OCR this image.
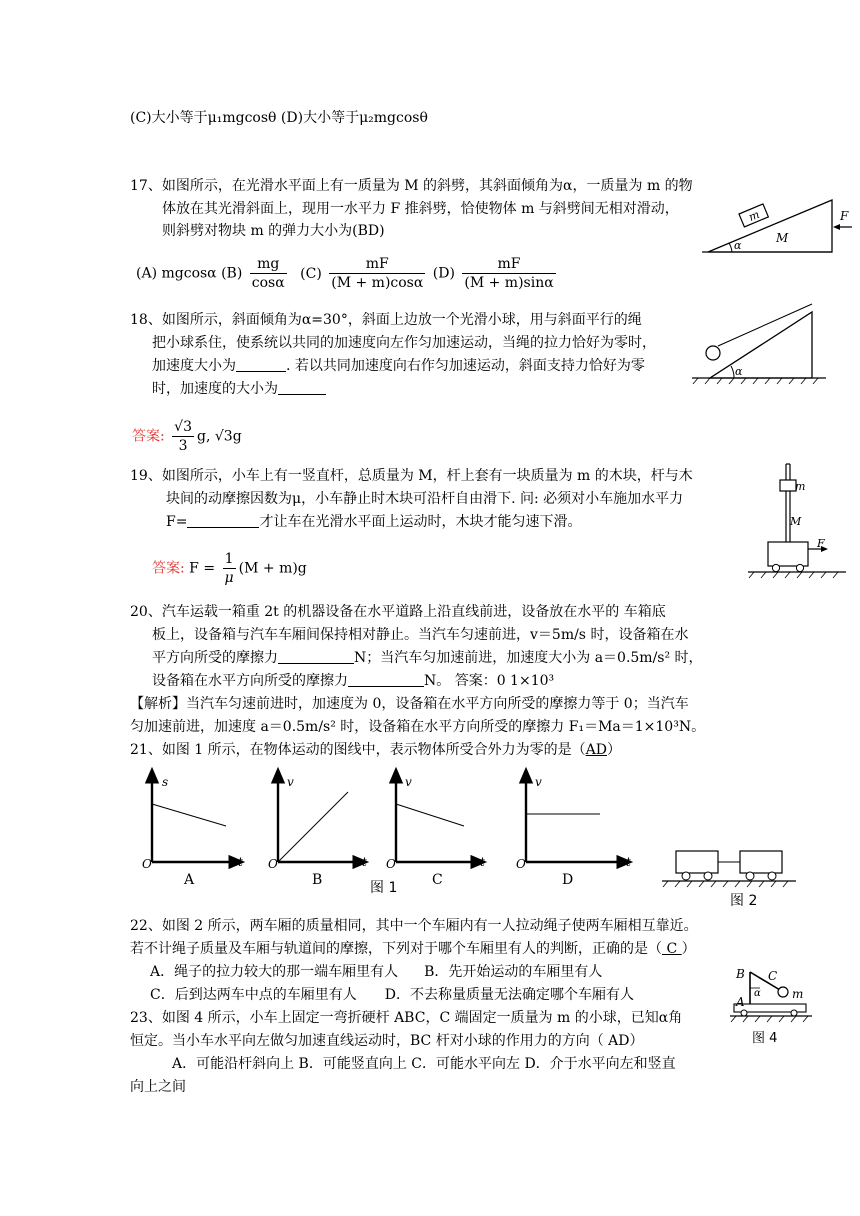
(C)大小等于μ₁mgcosθ (D)大小等于μ₂mgcosθ
17、如图所示，在光滑水平面上有一质量为 M 的斜劈，其斜面倾角为α，一质量为 m 的物
体放在其光滑斜面上，现用一水平力 F 推斜劈，恰使物体 m 与斜劈间无相对滑动，
则斜劈对物块 m 的弹力大小为(BD)
(A) mgcosα $(B) \frac{mg}{\cos\alpha} (C) \frac{mF}{(M + m)\cos\alpha} (D) \frac{mF}{(M + m)\sin\alpha}$
m
M
α
F
18、如图所示，斜面倾角为α=30°，斜面上边放一个光滑小球，用与斜面平行的绳
把小球系住，使系统以共同的加速度向左作匀加速运动，当绳的拉力恰好为零时，
加速度大小为	. 若以共同加速度向右作匀加速运动，斜面支持力恰好为零
时，加速度的大小为
答案: $\frac{√3}{3} g$, √3g
α
19、如图所示，小车上有一竖直杆，总质量为 M，杆上套有一块质量为 m 的木块，杆与木
块间的动摩擦因数为μ，小车静止时木块可沿杆自由滑下. 问: 必须对小车施加水平力
F=	才让车在光滑水平面上运动时，木块才能匀速下滑。
答案: $F = \frac{1}{\mu} (M + m)g$
m
M
F
20、汽车运载一箱重 2t 的机器设备在水平道路上沿直线前进，设备放在水平的 车箱底
板上，设备箱与汽车车厢间保持相对静止。当汽车匀速前进，v＝5m/s 时，设备箱在水
平方向所受的摩擦力	N；当汽车匀加速前进，加速度大小为 a＝0.5m/s² 时，
设备箱在水平方向所受的摩擦力	N。 答案：0 1×10³
【解析】当汽车匀速前进时，加速度为 0，设备箱在水平方向所受的摩擦力等于 0；当汽车
匀加速前进，加速度 a＝0.5m/s² 时，设备箱在水平方向所受的摩擦力 F₁＝Ma＝1×10³N。
21、如图 1 所示，在物体运动的图线中，表示物体所受合外力为零的是（AD）
O
s
t
A
O
v
t
B
O
v
t
C
O
v
t
D
图 1
图 2
22、如图 2 所示，两车厢的质量相同，其中一个车厢内有一人拉动绳子使两车厢相互靠近。
若不计绳子质量及车厢与轨道间的摩擦，下列对于哪个车厢里有人的判断，正确的是（ C ）
A．绳子的拉力较大的那一端车厢里有人 B．先开始运动的车厢里有人
C．后到达两车中点的车厢里有人 D．不去称量质量无法确定哪个车厢有人
23、如图 4 所示，小车上固定一弯折硬杆 ABC，C 端固定一质量为 m 的小球，已知α角
恒定。当小车水平向左做匀加速直线运动时，BC 杆对小球的作用力的方向（ AD）
A．可能沿杆斜向上 B．可能竖直向上 C．可能水平向左 D．介于水平向左和竖直
向上之间
B C
A
α	m
图 4
